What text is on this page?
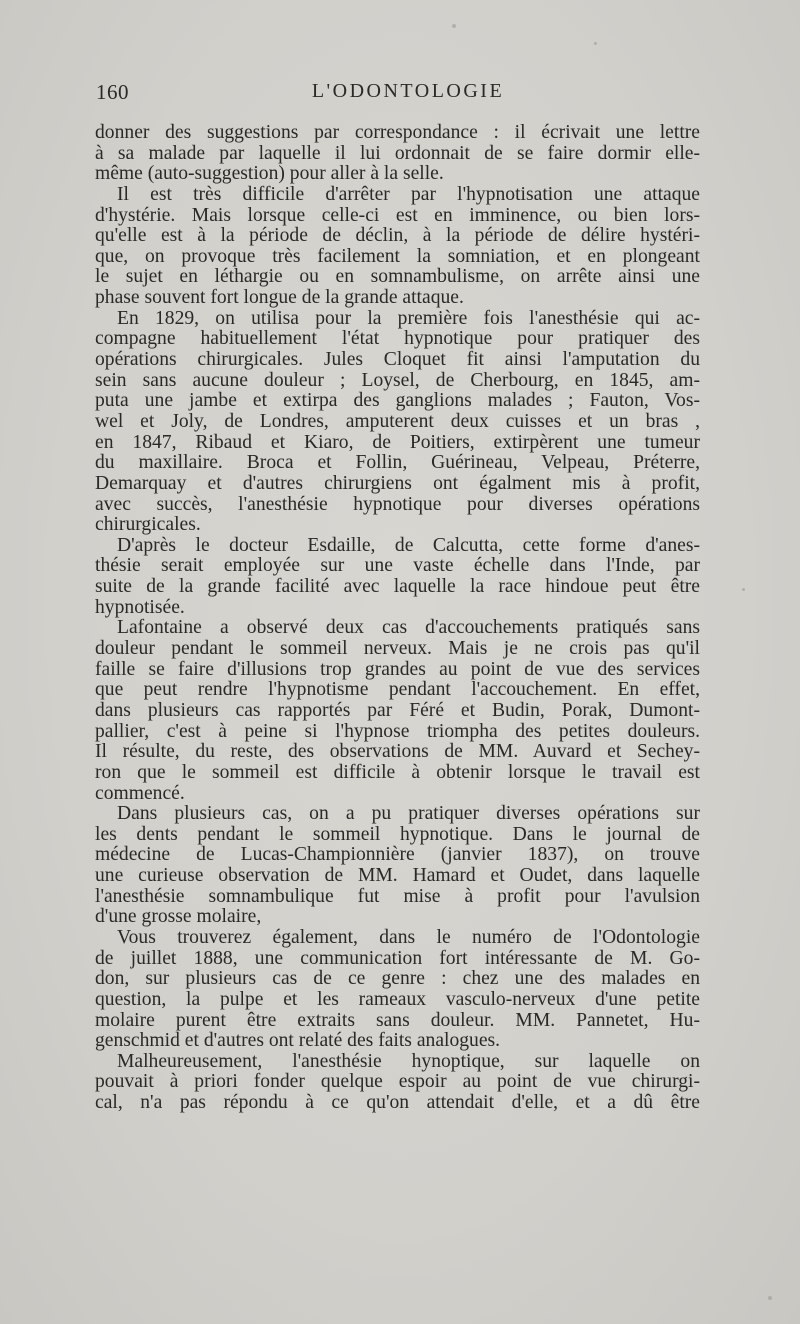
160	L'ODONTOLOGIE
donner des suggestions par correspondance : il écrivait une lettre
à sa malade par laquelle il lui ordonnait de se faire dormir elle-
même (auto-suggestion) pour aller à la selle.
Il est très difficile d'arrêter par l'hypnotisation une attaque
d'hystérie. Mais lorsque celle-ci est en imminence, ou bien lors-
qu'elle est à la période de déclin, à la période de délire hystéri-
que, on provoque très facilement la somniation, et en plongeant
le sujet en léthargie ou en somnambulisme, on arrête ainsi une
phase souvent fort longue de la grande attaque.
En 1829, on utilisa pour la première fois l'anesthésie qui ac-
compagne habituellement l'état hypnotique pour pratiquer des
opérations chirurgicales. Jules Cloquet fit ainsi l'amputation du
sein sans aucune douleur ; Loysel, de Cherbourg, en 1845, am-
puta une jambe et extirpa des ganglions malades ; Fauton, Vos-
wel et Joly, de Londres, amputerent deux cuisses et un bras ,
en 1847, Ribaud et Kiaro, de Poitiers, extirpèrent une tumeur
du maxillaire. Broca et Follin, Guérineau, Velpeau, Préterre,
Demarquay et d'autres chirurgiens ont égalment mis à profit,
avec succès, l'anesthésie hypnotique pour diverses opérations
chirurgicales.
D'après le docteur Esdaille, de Calcutta, cette forme d'anes-
thésie serait employée sur une vaste échelle dans l'Inde, par
suite de la grande facilité avec laquelle la race hindoue peut être
hypnotisée.
Lafontaine a observé deux cas d'accouchements pratiqués sans
douleur pendant le sommeil nerveux. Mais je ne crois pas qu'il
faille se faire d'illusions trop grandes au point de vue des services
que peut rendre l'hypnotisme pendant l'accouchement. En effet,
dans plusieurs cas rapportés par Féré et Budin, Porak, Dumont-
pallier, c'est à peine si l'hypnose triompha des petites douleurs.
Il résulte, du reste, des observations de MM. Auvard et Sechey-
ron que le sommeil est difficile à obtenir lorsque le travail est
commencé.
Dans plusieurs cas, on a pu pratiquer diverses opérations sur
les dents pendant le sommeil hypnotique. Dans le journal de
médecine de Lucas-Championnière (janvier 1837), on trouve
une curieuse observation de MM. Hamard et Oudet, dans laquelle
l'anesthésie somnambulique fut mise à profit pour l'avulsion
d'une grosse molaire,
Vous trouverez également, dans le numéro de l'Odontologie
de juillet 1888, une communication fort intéressante de M. Go-
don, sur plusieurs cas de ce genre : chez une des malades en
question, la pulpe et les rameaux vasculo-nerveux d'une petite
molaire purent être extraits sans douleur. MM. Pannetet, Hu-
genschmid et d'autres ont relaté des faits analogues.
Malheureusement, l'anesthésie hynoptique, sur laquelle on
pouvait à priori fonder quelque espoir au point de vue chirurgi-
cal, n'a pas répondu à ce qu'on attendait d'elle, et a dû être
